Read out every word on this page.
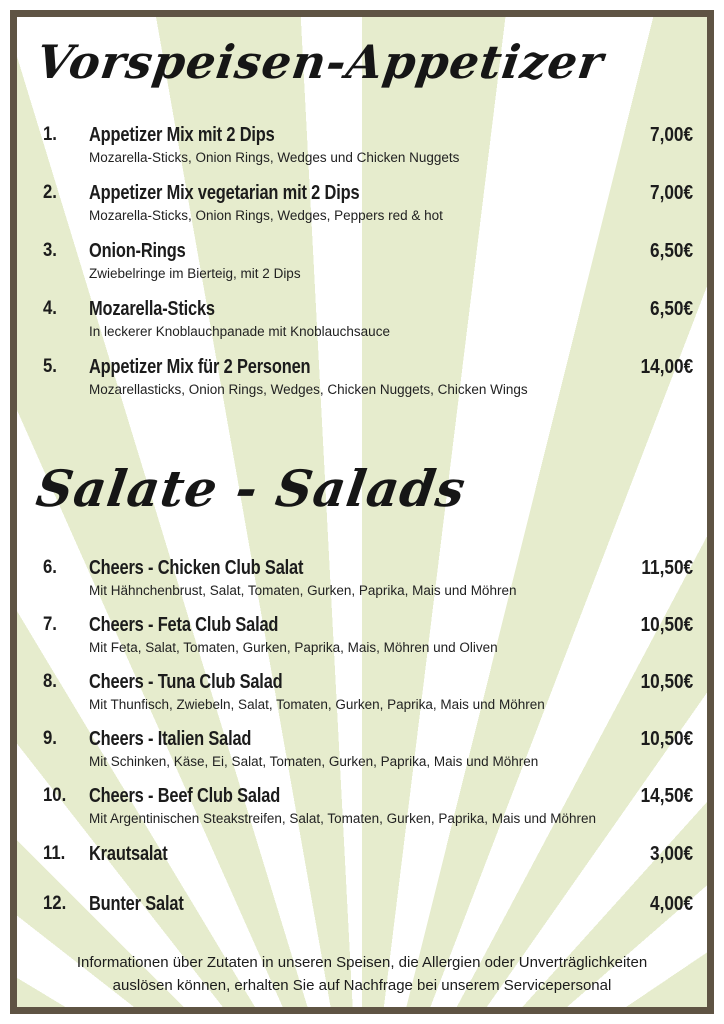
Vorspeisen-Appetizer
1. Appetizer Mix mit 2 Dips	7,00€
Mozarella-Sticks, Onion Rings, Wedges und Chicken Nuggets
2. Appetizer Mix vegetarian mit 2 Dips	7,00€
Mozarella-Sticks, Onion Rings, Wedges, Peppers red & hot
3. Onion-Rings	6,50€
Zwiebelringe im Bierteig, mit 2 Dips
4. Mozarella-Sticks	6,50€
In leckerer Knoblauchpanade mit Knoblauchsauce
5. Appetizer Mix für 2 Personen	14,00€
Mozarellasticks, Onion Rings, Wedges, Chicken Nuggets, Chicken Wings
Salate - Salads
6. Cheers - Chicken Club Salat	11,50€
Mit Hähnchenbrust, Salat, Tomaten, Gurken, Paprika, Mais und Möhren
7. Cheers - Feta Club Salad	10,50€
Mit Feta, Salat, Tomaten, Gurken, Paprika, Mais, Möhren und Oliven
8. Cheers - Tuna Club Salad	10,50€
Mit Thunfisch, Zwiebeln, Salat, Tomaten, Gurken, Paprika, Mais und Möhren
9. Cheers - Italien Salad	10,50€
Mit Schinken, Käse, Ei, Salat, Tomaten, Gurken, Paprika, Mais und Möhren
10. Cheers - Beef Club Salad	14,50€
Mit Argentinischen Steakstreifen, Salat, Tomaten, Gurken, Paprika, Mais und Möhren
11. Krautsalat	3,00€
12. Bunter Salat	4,00€
Informationen über Zutaten in unseren Speisen, die Allergien oder Unverträglichkeiten
auslösen können, erhalten Sie auf Nachfrage bei unserem Servicepersonal
